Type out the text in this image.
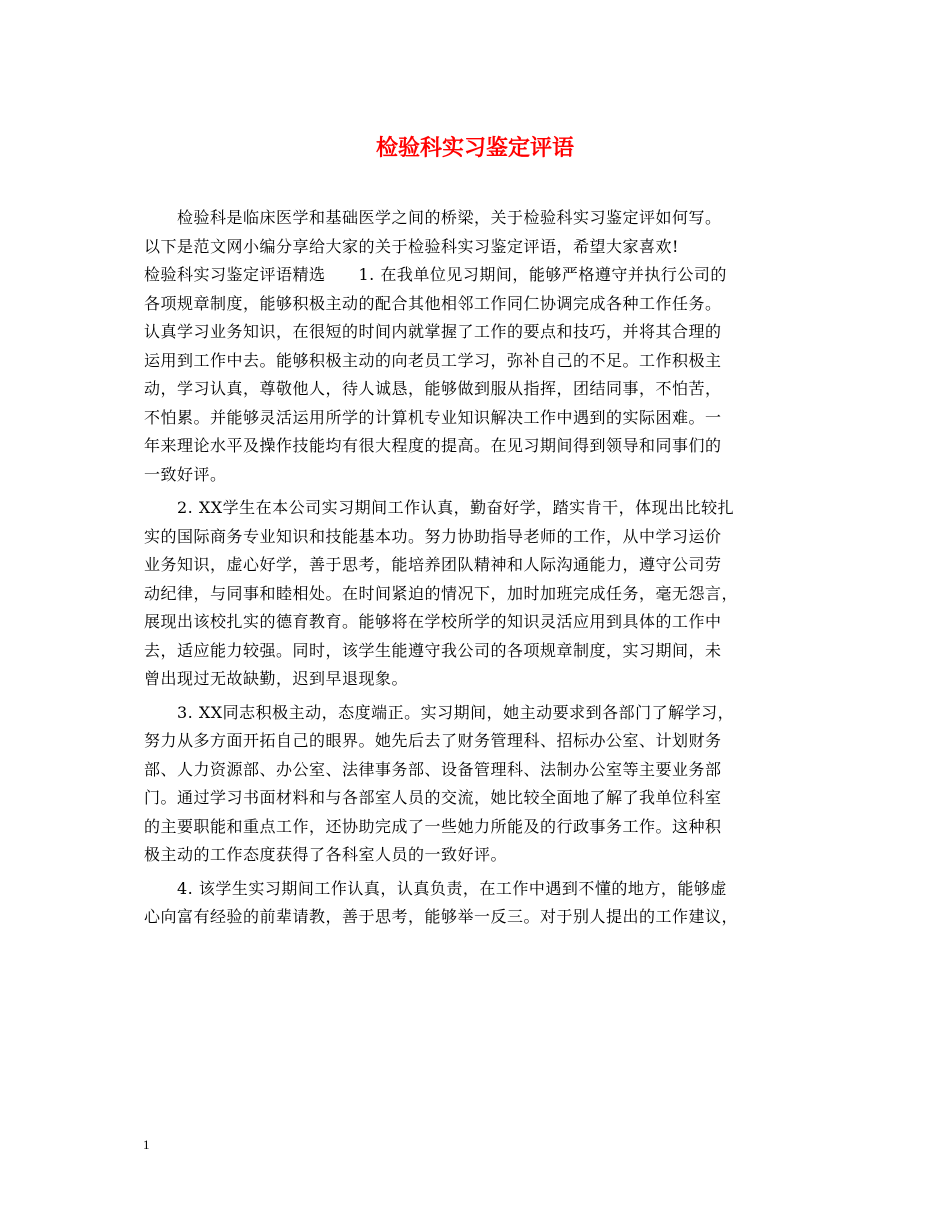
检验科实习鉴定评语
　　检验科是临床医学和基础医学之间的桥梁，关于检验科实习鉴定评如何写。
以下是范文网小编分享给大家的关于检验科实习鉴定评语，希望大家喜欢!
检验科实习鉴定评语精选　　1. 在我单位见习期间，能够严格遵守并执行公司的
各项规章制度，能够积极主动的配合其他相邻工作同仁协调完成各种工作任务。
认真学习业务知识，在很短的时间内就掌握了工作的要点和技巧，并将其合理的
运用到工作中去。能够积极主动的向老员工学习，弥补自己的不足。工作积极主
动，学习认真，尊敬他人，待人诚恳，能够做到服从指挥，团结同事，不怕苦，
不怕累。并能够灵活运用所学的计算机专业知识解决工作中遇到的实际困难。一
年来理论水平及操作技能均有很大程度的提高。在见习期间得到领导和同事们的
一致好评。
　　2. XX学生在本公司实习期间工作认真，勤奋好学，踏实肯干，体现出比较扎
实的国际商务专业知识和技能基本功。努力协助指导老师的工作，从中学习运价
业务知识，虚心好学，善于思考，能培养团队精神和人际沟通能力，遵守公司劳
动纪律，与同事和睦相处。在时间紧迫的情况下，加时加班完成任务，毫无怨言，
展现出该校扎实的德育教育。能够将在学校所学的知识灵活应用到具体的工作中
去，适应能力较强。同时，该学生能遵守我公司的各项规章制度，实习期间，未
曾出现过无故缺勤，迟到早退现象。
　　3. XX同志积极主动，态度端正。实习期间，她主动要求到各部门了解学习，
努力从多方面开拓自己的眼界。她先后去了财务管理科、招标办公室、计划财务
部、人力资源部、办公室、法律事务部、设备管理科、法制办公室等主要业务部
门。通过学习书面材料和与各部室人员的交流，她比较全面地了解了我单位科室
的主要职能和重点工作，还协助完成了一些她力所能及的行政事务工作。这种积
极主动的工作态度获得了各科室人员的一致好评。
　　4. 该学生实习期间工作认真，认真负责，在工作中遇到不懂的地方，能够虚
心向富有经验的前辈请教，善于思考，能够举一反三。对于别人提出的工作建议，
1
